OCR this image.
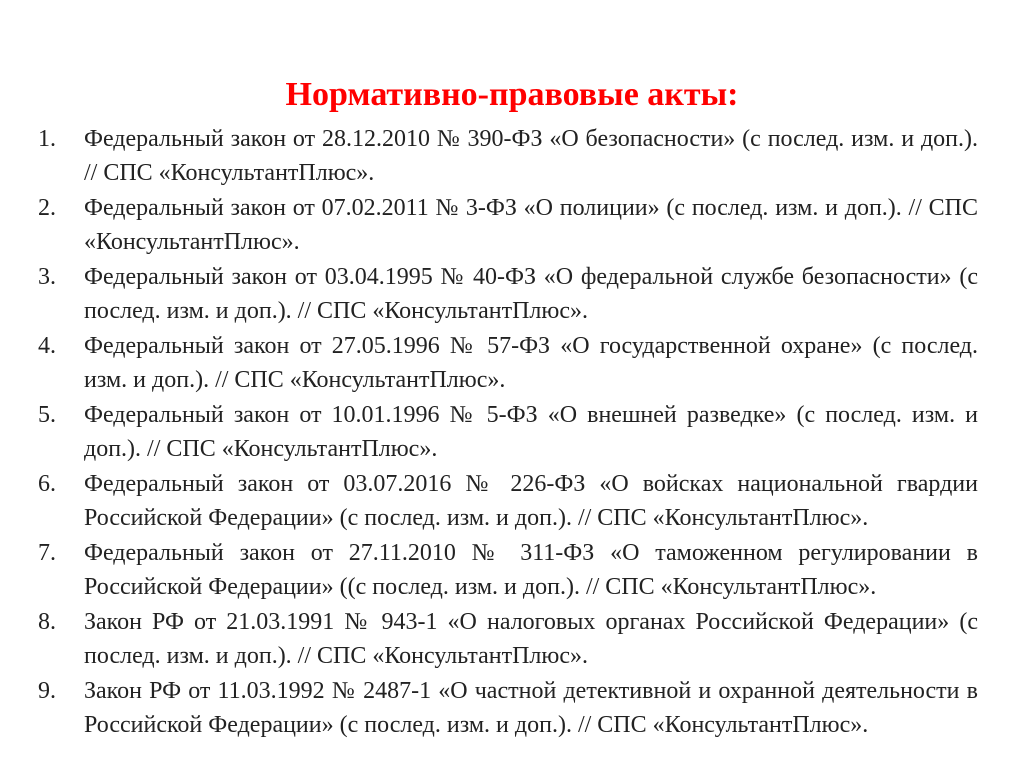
Нормативно-правовые акты:
1.	Федеральный закон от 28.12.2010 № 390-ФЗ «О безопасности» (с послед. изм. и доп.). // СПС «КонсультантПлюс».
2.	Федеральный закон от 07.02.2011 № 3-ФЗ «О полиции» (с послед. изм. и доп.). // СПС «КонсультантПлюс».
3.	Федеральный закон от 03.04.1995 № 40-ФЗ «О федеральной службе безопасности» (с послед. изм. и доп.). // СПС «КонсультантПлюс».
4.	Федеральный закон от 27.05.1996 № 57-ФЗ «О государственной охране» (с послед. изм. и доп.). // СПС «КонсультантПлюс».
5.	Федеральный закон от 10.01.1996 № 5-ФЗ «О внешней разведке» (с послед. изм. и доп.). // СПС «КонсультантПлюс».
6.	Федеральный закон от 03.07.2016 № 226-ФЗ «О войсках национальной гвардии Российской Федерации» (с послед. изм. и доп.). // СПС «КонсультантПлюс».
7.	Федеральный закон от 27.11.2010 № 311-ФЗ «О таможенном регулировании в Российской Федерации» ((с послед. изм. и доп.). // СПС «КонсультантПлюс».
8.	Закон РФ от 21.03.1991 № 943-1 «О налоговых органах Российской Федерации» (с послед. изм. и доп.). // СПС «КонсультантПлюс».
9.	Закон РФ от 11.03.1992 № 2487-1 «О частной детективной и охранной деятельности в Российской Федерации» (с послед. изм. и доп.). // СПС «КонсультантПлюс».
